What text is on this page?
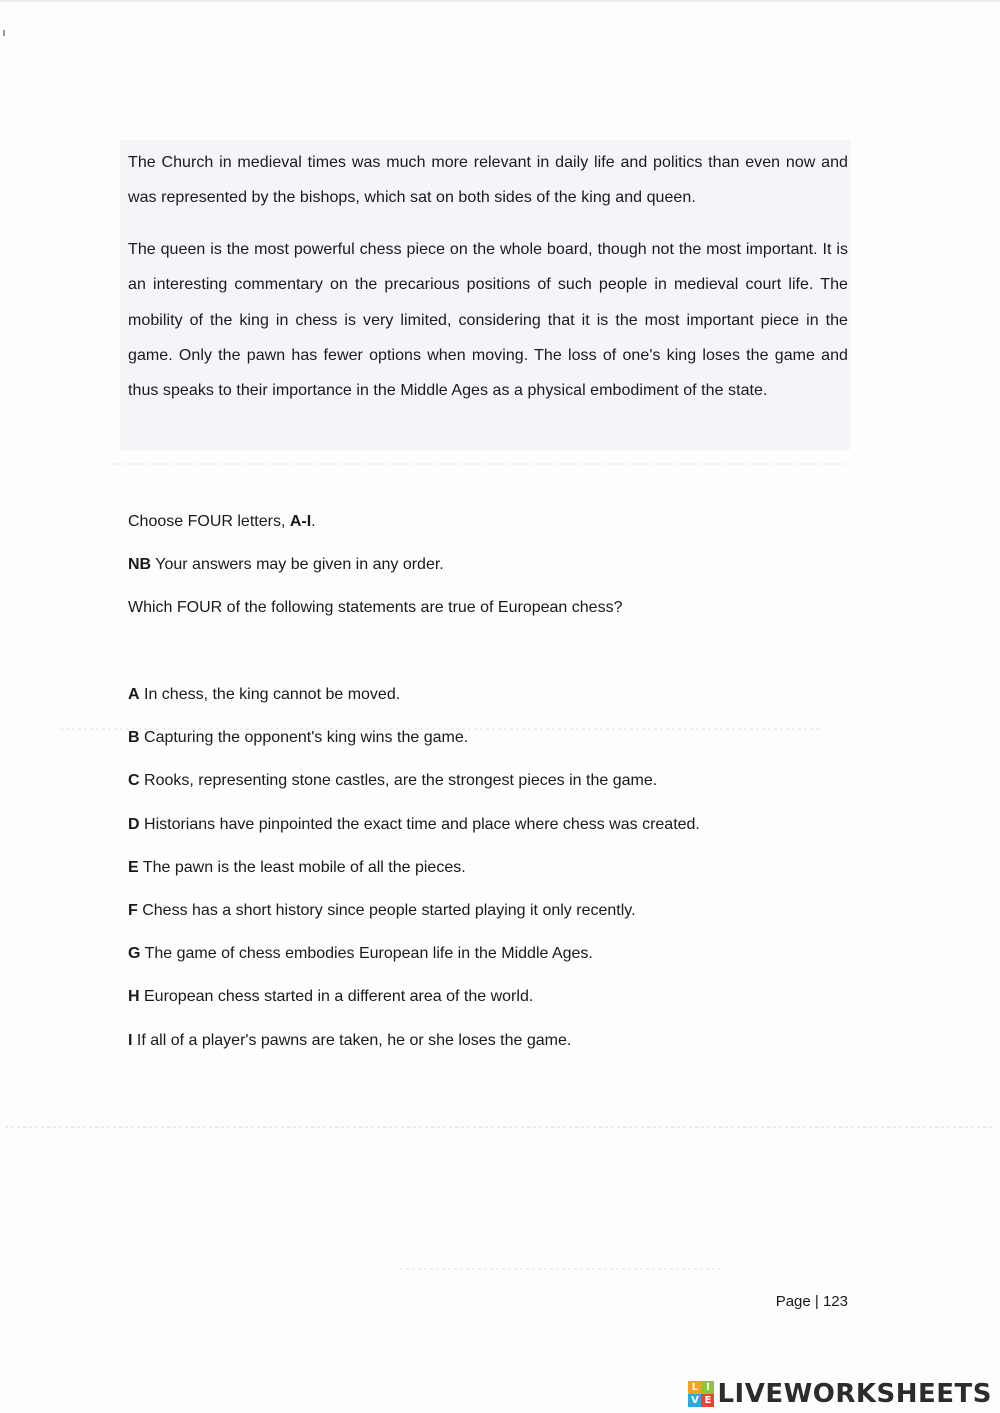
The Church in medieval times was much more relevant in daily life and politics than even now and was represented by the bishops, which sat on both sides of the king and queen.

The queen is the most powerful chess piece on the whole board, though not the most important. It is an interesting commentary on the precarious positions of such people in medieval court life. The mobility of the king in chess is very limited, considering that it is the most important piece in the game. Only the pawn has fewer options when moving. The loss of one's king loses the game and thus speaks to their importance in the Middle Ages as a physical embodiment of the state.

Choose FOUR letters, A-I.

NB Your answers may be given in any order.

Which FOUR of the following statements are true of European chess?

A In chess, the king cannot be moved.
B Capturing the opponent's king wins the game.
C Rooks, representing stone castles, are the strongest pieces in the game.
D Historians have pinpointed the exact time and place where chess was created.
E The pawn is the least mobile of all the pieces.
F Chess has a short history since people started playing it only recently.
G The game of chess embodies European life in the Middle Ages.
H European chess started in a different area of the world.
I If all of a player's pawns are taken, he or she loses the game.
Page | 123
L I
V E LIVEWORKSHEETS
